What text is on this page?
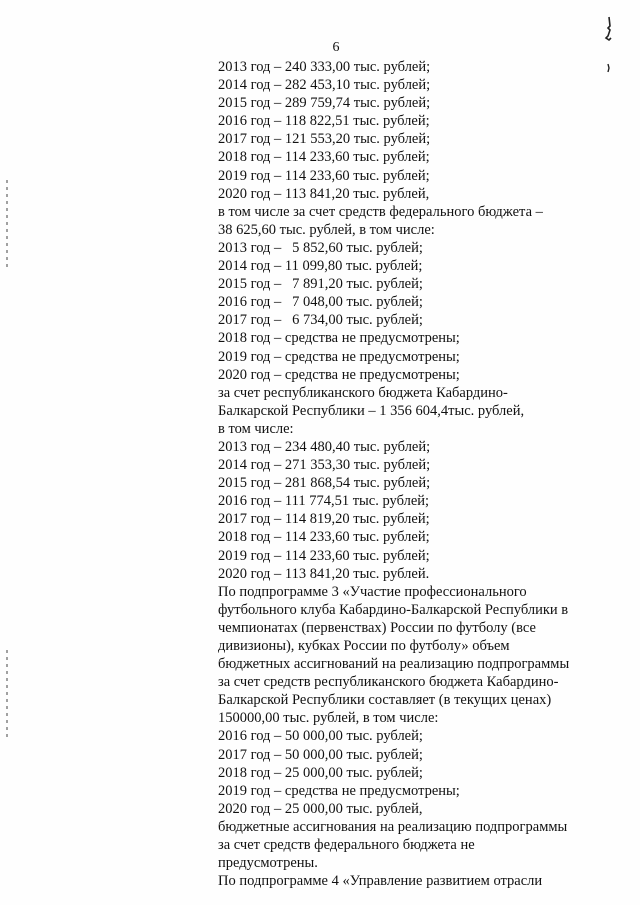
6

2013 год – 240 333,00 тыс. рублей;

2014 год – 282 453,10 тыс. рублей;

2015 год – 289 759,74 тыс. рублей;

2016 год – 118 822,51 тыс. рублей;

2017 год – 121 553,20 тыс. рублей;

2018 год – 114 233,60 тыс. рублей;

2019 год – 114 233,60 тыс. рублей;

2020 год – 113 841,20 тыс. рублей,

в том числе за счет средств федерального бюджета –

38 625,60 тыс. рублей, в том числе:

2013 год –   5 852,60 тыс. рублей;

2014 год – 11 099,80 тыс. рублей;

2015 год –   7 891,20 тыс. рублей;

2016 год –   7 048,00 тыс. рублей;

2017 год –   6 734,00 тыс. рублей;

2018 год – средства не предусмотрены;

2019 год – средства не предусмотрены;

2020 год – средства не предусмотрены;

за счет республиканского бюджета Кабардино-

Балкарской Республики – 1 356 604,4тыс. рублей,

в том числе:

2013 год – 234 480,40 тыс. рублей;

2014 год – 271 353,30 тыс. рублей;

2015 год – 281 868,54 тыс. рублей;

2016 год – 111 774,51 тыс. рублей;

2017 год – 114 819,20 тыс. рублей;

2018 год – 114 233,60 тыс. рублей;

2019 год – 114 233,60 тыс. рублей;

2020 год – 113 841,20 тыс. рублей.

По подпрограмме 3 «Участие профессионального

футбольного клуба Кабардино-Балкарской Республики в

чемпионатах (первенствах) России по футболу (все

дивизионы), кубках России по футболу» объем

бюджетных ассигнований на реализацию подпрограммы

за счет средств республиканского бюджета Кабардино-

Балкарской Республики составляет (в текущих ценах)

150000,00 тыс. рублей, в том числе:

2016 год – 50 000,00 тыс. рублей;

2017 год – 50 000,00 тыс. рублей;

2018 год – 25 000,00 тыс. рублей;

2019 год – средства не предусмотрены;

2020 год – 25 000,00 тыс. рублей,

бюджетные ассигнования на реализацию подпрограммы

за счет средств федерального бюджета не

предусмотрены.

По подпрограмме 4 «Управление развитием отрасли
